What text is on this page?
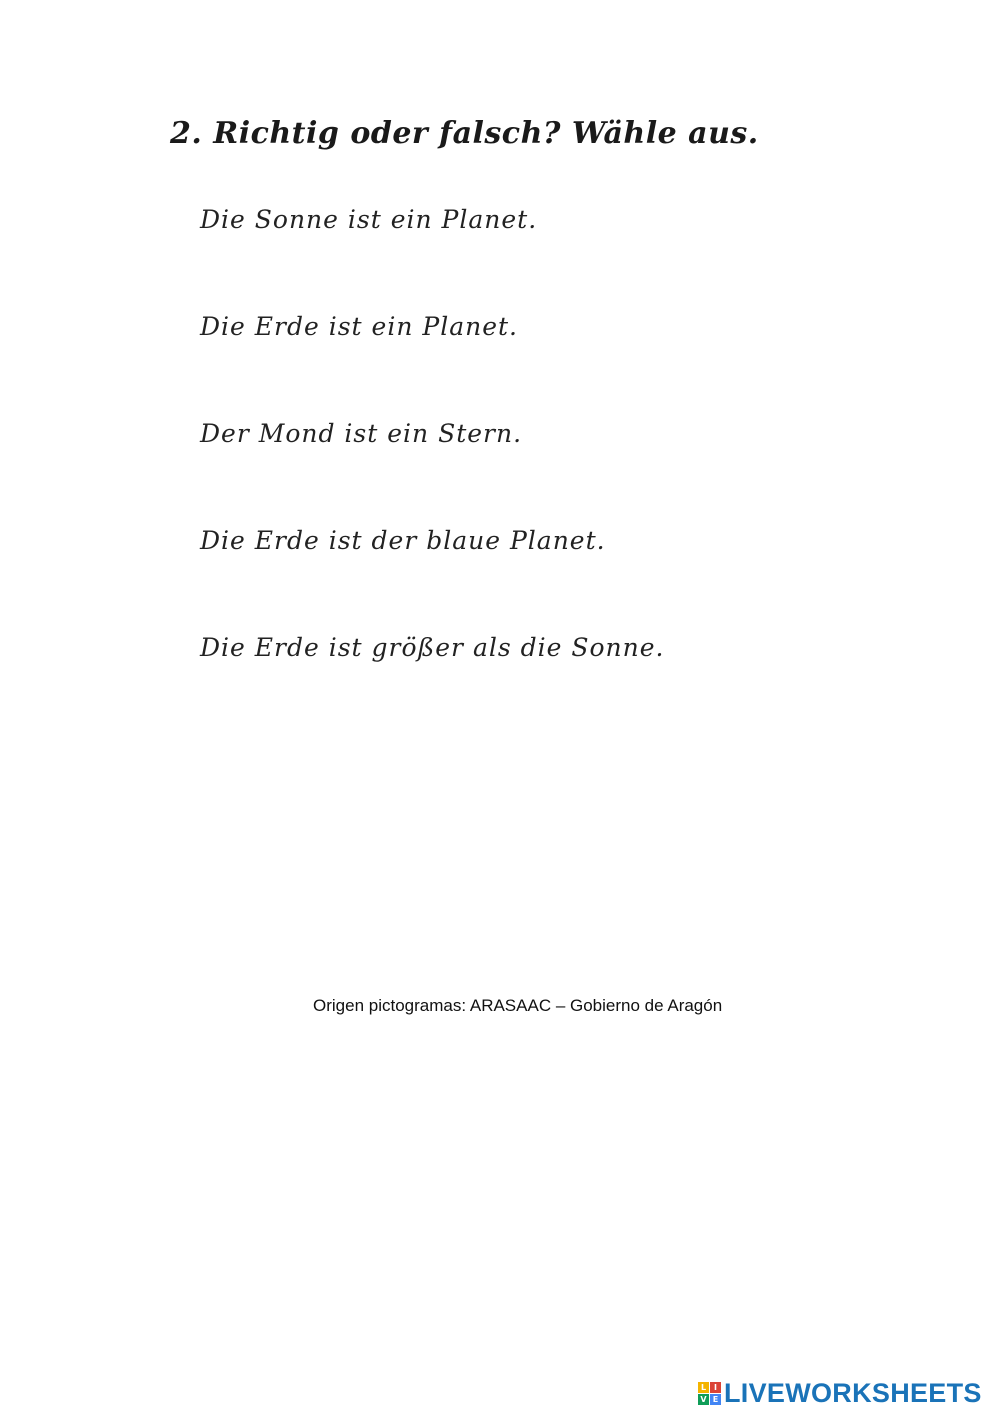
2. Richtig oder falsch? Wähle aus.
Die Sonne ist ein Planet.
Die Erde ist ein Planet.
Der Mond ist ein Stern.
Die Erde ist der blaue Planet.
Die Erde ist größer als die Sonne.
Origen pictogramas: ARASAAC – Gobierno de Aragón
L I
V E LIVEWORKSHEETS
